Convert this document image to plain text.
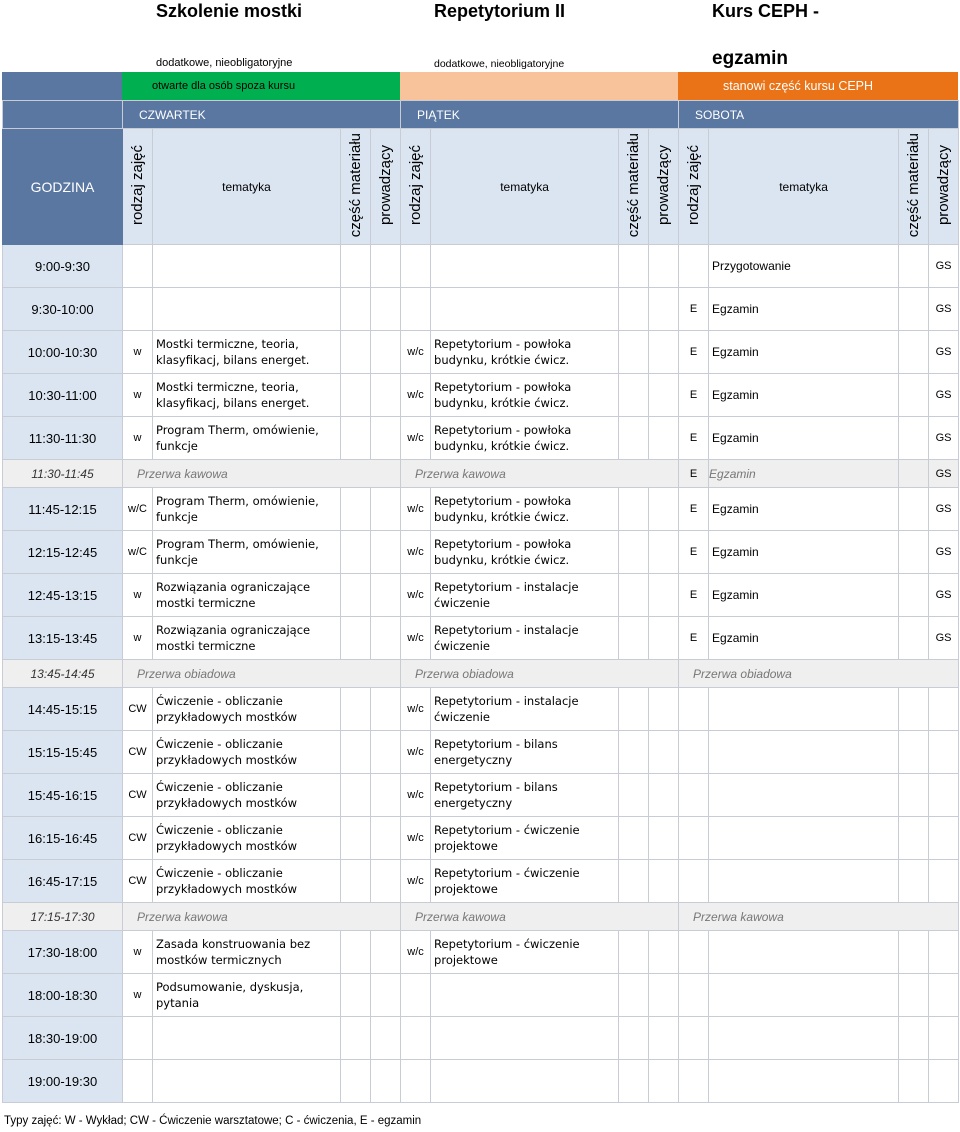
Szkolenie mostki	Repetytorium II	Kurs CEPH -
egzamin
dodatkowe, nieobligatoryjne	dodatkowe, nieobligatoryjne
otwarte dla osób spoza kursu	stanowi część kursu CEPH
	CZWARTEK				PIĄTEK				SOBOTA			
GODZINA	rodzaj zajęć	tematyka	część materiału	prowadzący	rodzaj zajęć	tematyka	część materiału	prowadzący	rodzaj zajęć	tematyka	część materiału	prowadzący
9:00-9:30										Przygotowanie		GS
9:30-10:00									E	Egzamin		GS
10:00-10:30	w	Mostki termiczne, teoria, klasyfikacj, bilans energet.			w/c	Repetytorium - powłoka budynku, krótkie ćwicz.			E	Egzamin		GS
10:30-11:00	w	Mostki termiczne, teoria, klasyfikacj, bilans energet.			w/c	Repetytorium - powłoka budynku, krótkie ćwicz.			E	Egzamin		GS
11:30-11:30	w	Program Therm, omówienie, funkcje			w/c	Repetytorium - powłoka budynku, krótkie ćwicz.			E	Egzamin		GS
11:30-11:45	Przerwa kawowa				Przerwa kawowa				E	Egzamin		GS
11:45-12:15	w/C	Program Therm, omówienie, funkcje			w/c	Repetytorium - powłoka budynku, krótkie ćwicz.			E	Egzamin		GS
12:15-12:45	w/C	Program Therm, omówienie, funkcje			w/c	Repetytorium - powłoka budynku, krótkie ćwicz.			E	Egzamin		GS
12:45-13:15	w	Rozwiązania ograniczające mostki termiczne			w/c	Repetytorium - instalacje ćwiczenie			E	Egzamin		GS
13:15-13:45	w	Rozwiązania ograniczające mostki termiczne			w/c	Repetytorium - instalacje ćwiczenie			E	Egzamin		GS
13:45-14:45	Przerwa obiadowa				Przerwa obiadowa				Przerwa obiadowa			
14:45-15:15	CW	Ćwiczenie - obliczanie przykładowych mostków			w/c	Repetytorium - instalacje ćwiczenie						
15:15-15:45	CW	Ćwiczenie - obliczanie przykładowych mostków			w/c	Repetytorium - bilans energetyczny						
15:45-16:15	CW	Ćwiczenie - obliczanie przykładowych mostków			w/c	Repetytorium - bilans energetyczny						
16:15-16:45	CW	Ćwiczenie - obliczanie przykładowych mostków			w/c	Repetytorium - ćwiczenie projektowe						
16:45-17:15	CW	Ćwiczenie - obliczanie przykładowych mostków			w/c	Repetytorium - ćwiczenie projektowe						
17:15-17:30	Przerwa kawowa				Przerwa kawowa				Przerwa kawowa			
17:30-18:00	w	Zasada konstruowania bez mostków termicznych			w/c	Repetytorium - ćwiczenie projektowe						
18:00-18:30	w	Podsumowanie, dyskusja, pytania										
18:30-19:00												
19:00-19:30												
Typy zajęć: W - Wykład; CW - Ćwiczenie warsztatowe; C - ćwiczenia, E - egzamin
